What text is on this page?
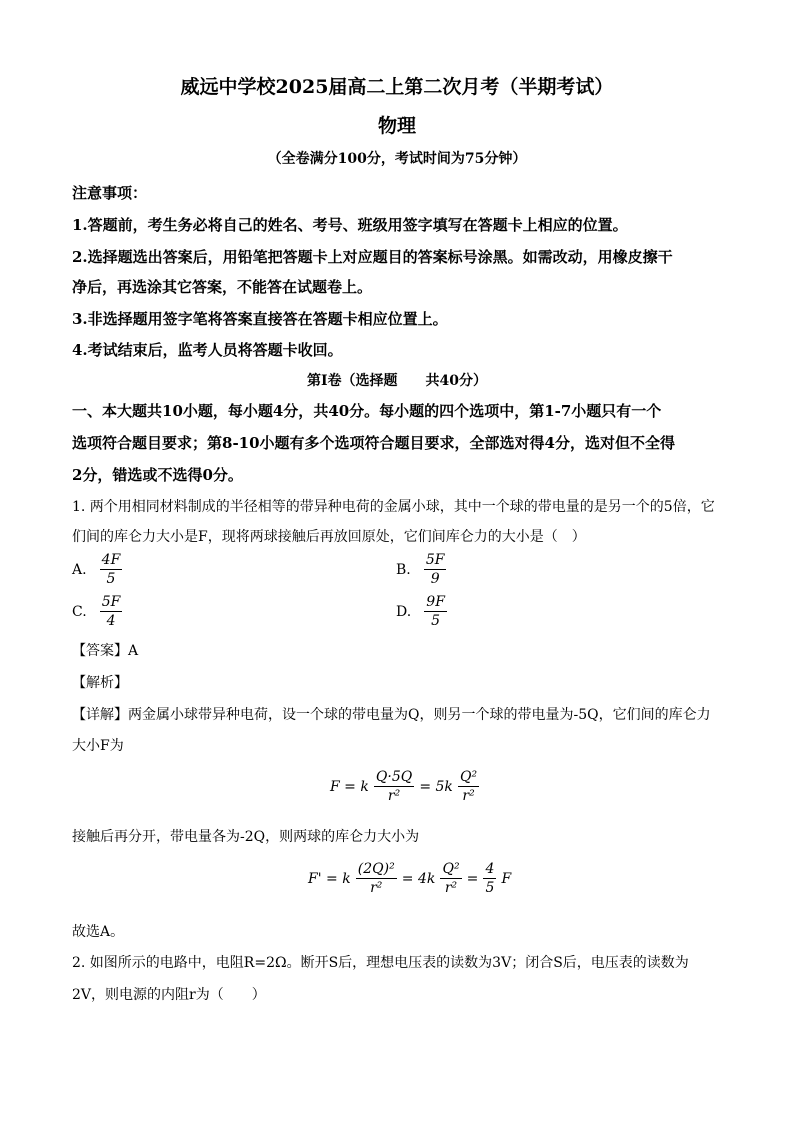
威远中学校2025届高二上第二次月考（半期考试）
物理
（全卷满分100分，考试时间为75分钟）
注意事项：
1.答题前，考生务必将自己的姓名、考号、班级用签字填写在答题卡上相应的位置。
2.选择题选出答案后，用铅笔把答题卡上对应题目的答案标号涂黑。如需改动，用橡皮擦干
净后，再选涂其它答案，不能答在试题卷上。
3.非选择题用签字笔将答案直接答在答题卡相应位置上。
4.考试结束后，监考人员将答题卡收回。
第I卷（选择题　　共40分）
一、本大题共10小题，每小题4分，共40分。每小题的四个选项中，第1-7小题只有一个
选项符合题目要求；第8-10小题有多个选项符合题目要求，全部选对得4分，选对但不全得
2分，错选或不选得0分。
1. 两个用相同材料制成的半径相等的带异种电荷的金属小球，其中一个球的带电量的是另一个的5倍，它
们间的库仑力大小是F，现将两球接触后再放回原处，它们间库仑力的大小是（　）
A. $\frac{4F}{5}$	B. $\frac{5F}{9}$
C. $\frac{5F}{4}$	D. $\frac{9F}{5}$
【答案】A
【解析】
【详解】两金属小球带异种电荷，设一个球的带电量为Q，则另一个球的带电量为-5Q，它们间的库仑力
大小F为
F = k $\frac{Q\cdot 5Q}{\text{r²}} = 5k \frac{\text{Q²}}{\text{r²}}$
接触后再分开，带电量各为-2Q，则两球的库仑力大小为
F' = k $\frac{\text{(2Q)²}}{\text{r²}} = 4k \frac{\text{Q²}}{\text{r²}} = \frac{4}{5}$ F
故选A。
2. 如图所示的电路中，电阻R=2Ω。断开S后，理想电压表的读数为3V；闭合S后，电压表的读数为
2V，则电源的内阻r为（　　）
